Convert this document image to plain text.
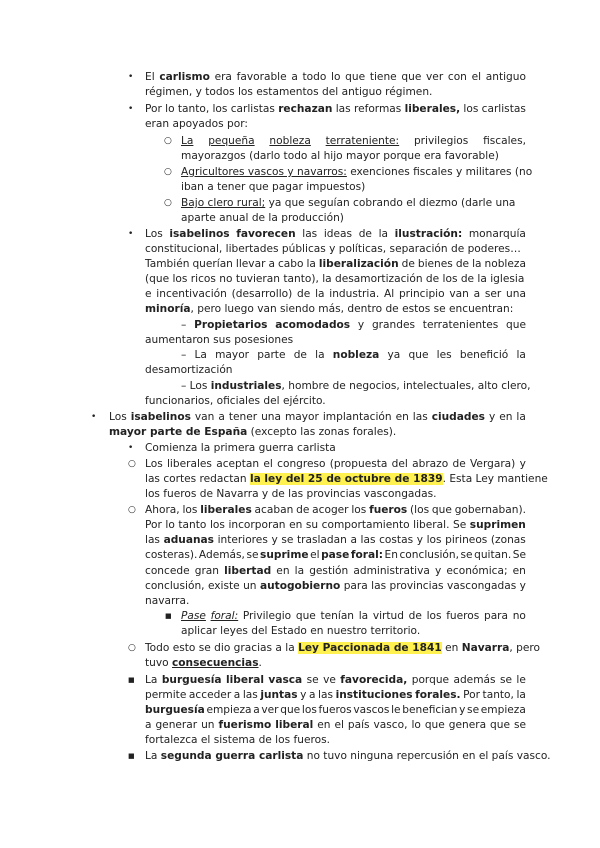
• El carlismo era favorable a todo lo que tiene que ver con el antiguo
régimen, y todos los estamentos del antiguo régimen.
• Por lo tanto, los carlistas rechazan las reformas liberales, los carlistas
eran apoyados por:
○ La pequeña nobleza terrateniente: privilegios fiscales,
mayorazgos (darlo todo al hijo mayor porque era favorable)
○ Agricultores vascos y navarros: exenciones fiscales y militares (no
iban a tener que pagar impuestos)
○ Bajo clero rural; ya que seguían cobrando el diezmo (darle una
aparte anual de la producción)
• Los isabelinos favorecen las ideas de la ilustración: monarquía
constitucional, libertades públicas y políticas, separación de poderes…
También querían llevar a cabo la liberalización de bienes de la nobleza
(que los ricos no tuvieran tanto), la desamortización de los de la iglesia
e incentivación (desarrollo) de la industria. Al principio van a ser una
minoría, pero luego van siendo más, dentro de estos se encuentran:
– Propietarios acomodados y grandes terratenientes que
aumentaron sus posesiones
– La mayor parte de la nobleza ya que les benefició la
desamortización
– Los industriales, hombre de negocios, intelectuales, alto clero,
funcionarios, oficiales del ejército.
• Los isabelinos van a tener una mayor implantación en las ciudades y en la
mayor parte de España (excepto las zonas forales).
• Comienza la primera guerra carlista
○ Los liberales aceptan el congreso (propuesta del abrazo de Vergara) y
las cortes redactan la ley del 25 de octubre de 1839. Esta Ley mantiene
los fueros de Navarra y de las provincias vascongadas.
○ Ahora, los liberales acaban de acoger los fueros (los que gobernaban).
Por lo tanto los incorporan en su comportamiento liberal. Se suprimen
las aduanas interiores y se trasladan a las costas y los pirineos (zonas
costeras). Además, se suprime el pase foral: En conclusión, se quitan. Se
concede gran libertad en la gestión administrativa y económica; en
conclusión, existe un autogobierno para las provincias vascongadas y
navarra.
■ Pase foral: Privilegio que tenían la virtud de los fueros para no
aplicar leyes del Estado en nuestro territorio.
○ Todo esto se dio gracias a la Ley Paccionada de 1841 en Navarra, pero
tuvo consecuencias.
■ La burguesía liberal vasca se ve favorecida, porque además se le
permite acceder a las juntas y a las instituciones forales. Por tanto, la
burguesía empieza a ver que los fueros vascos le benefician y se empieza
a generar un fuerismo liberal en el país vasco, lo que genera que se
fortalezca el sistema de los fueros.
■ La segunda guerra carlista no tuvo ninguna repercusión en el país vasco.
